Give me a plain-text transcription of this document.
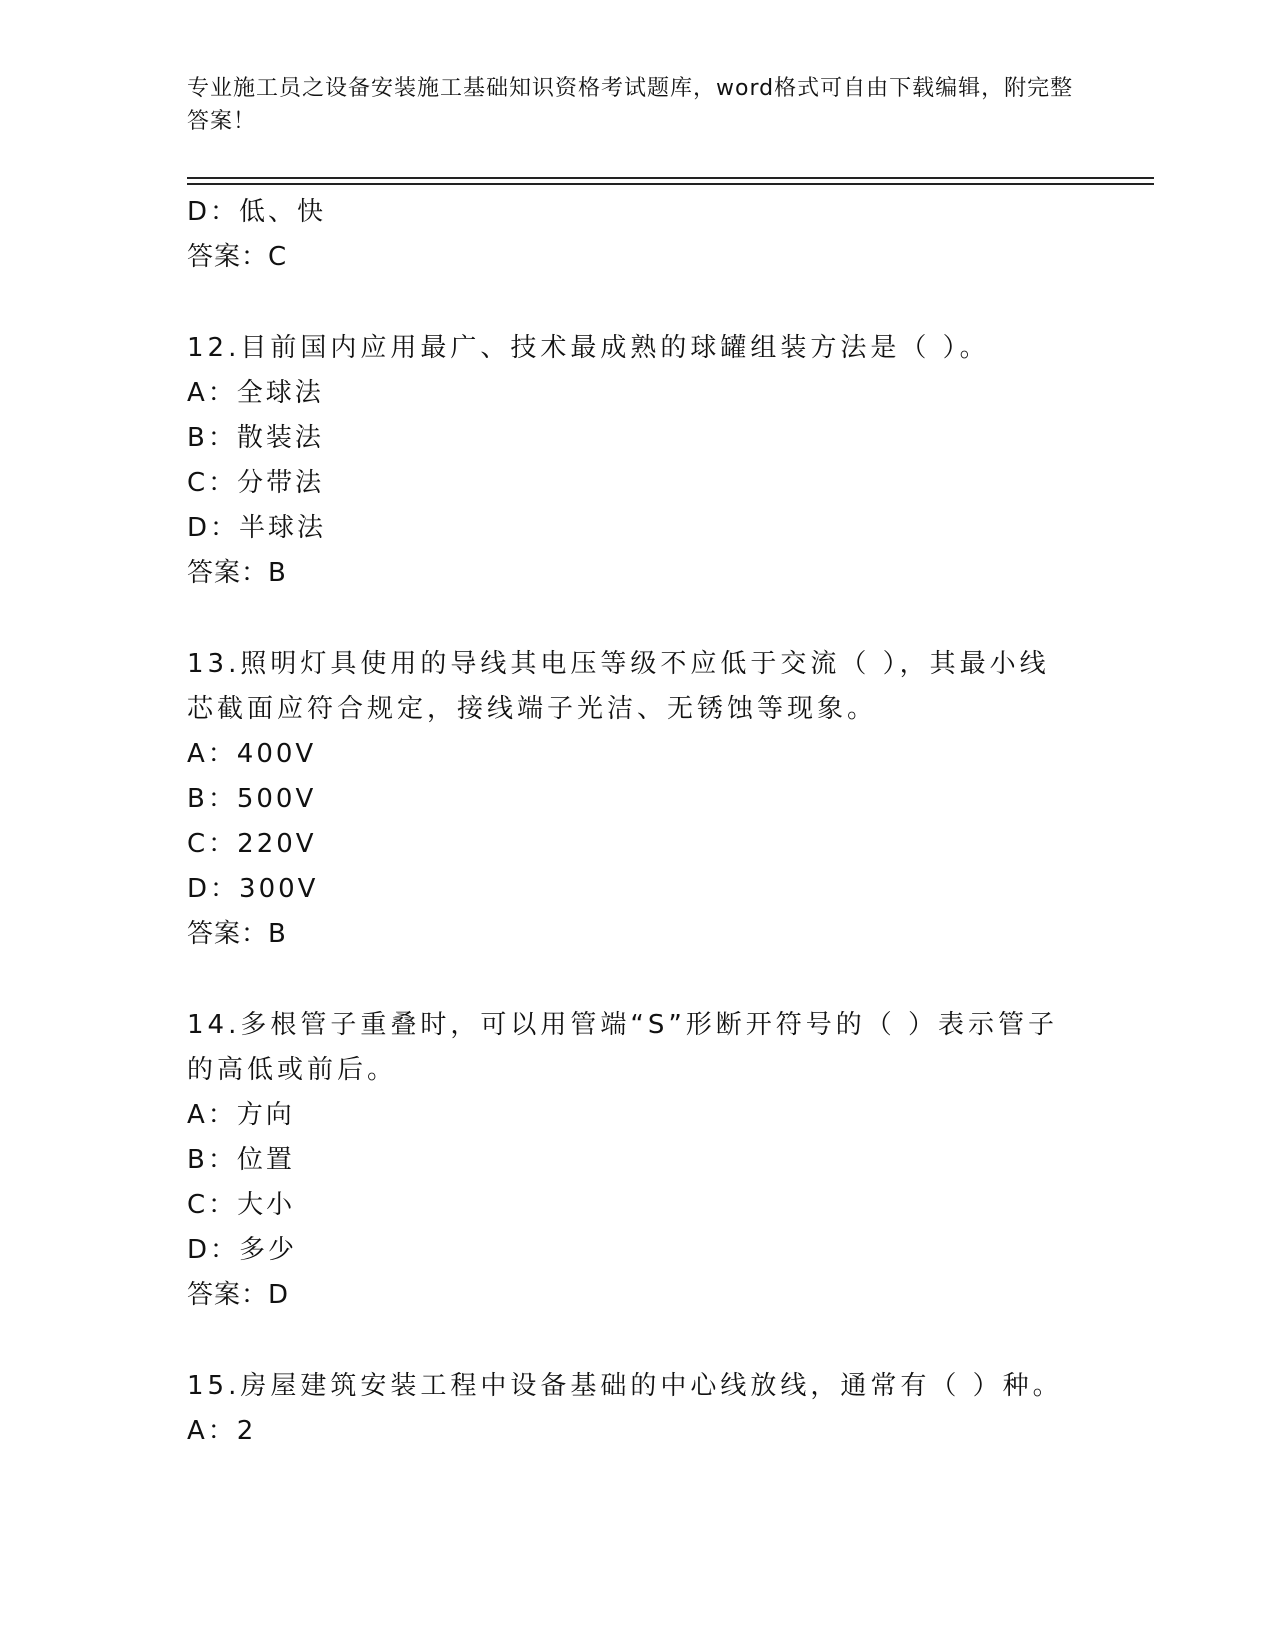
专业施工员之设备安装施工基础知识资格考试题库，word格式可自由下载编辑，附完整答案！
D：低、快
答案：C
12.目前国内应用最广、技术最成熟的球罐组装方法是（ ）。
A：全球法
B：散装法
C：分带法
D：半球法
答案：B
13.照明灯具使用的导线其电压等级不应低于交流（ ），其最小线芯截面应符合规定，接线端子光洁、无锈蚀等现象。
A：400V
B：500V
C：220V
D：300V
答案：B
14.多根管子重叠时，可以用管端“S”形断开符号的（ ）表示管子的高低或前后。
A：方向
B：位置
C：大小
D：多少
答案：D
15.房屋建筑安装工程中设备基础的中心线放线，通常有（ ）种。
A：2
